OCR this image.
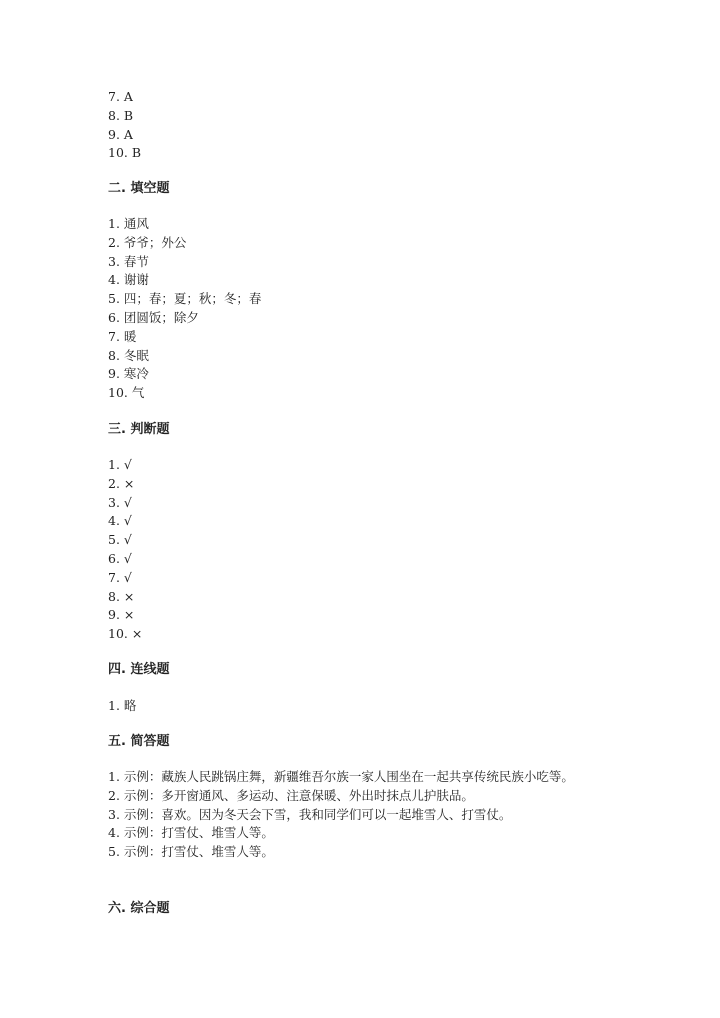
7. A

8. B

9. A

10. B

二. 填空题

1. 通风

2. 爷爷；外公

3. 春节

4. 谢谢

5. 四；春；夏；秋；冬；春

6. 团圆饭；除夕

7. 暖

8. 冬眠

9. 寒冷

10. 气

三. 判断题

1. √

2. ×

3. √

4. √

5. √

6. √

7. √

8. ×

9. ×

10. ×

四. 连线题

1. 略

五. 简答题

1. 示例：藏族人民跳锅庄舞，新疆维吾尔族一家人围坐在一起共享传统民族小吃等。

2. 示例：多开窗通风、多运动、注意保暖、外出时抹点儿护肤品。

3. 示例：喜欢。因为冬天会下雪，我和同学们可以一起堆雪人、打雪仗。

4. 示例：打雪仗、堆雪人等。

5. 示例：打雪仗、堆雪人等。

六. 综合题
